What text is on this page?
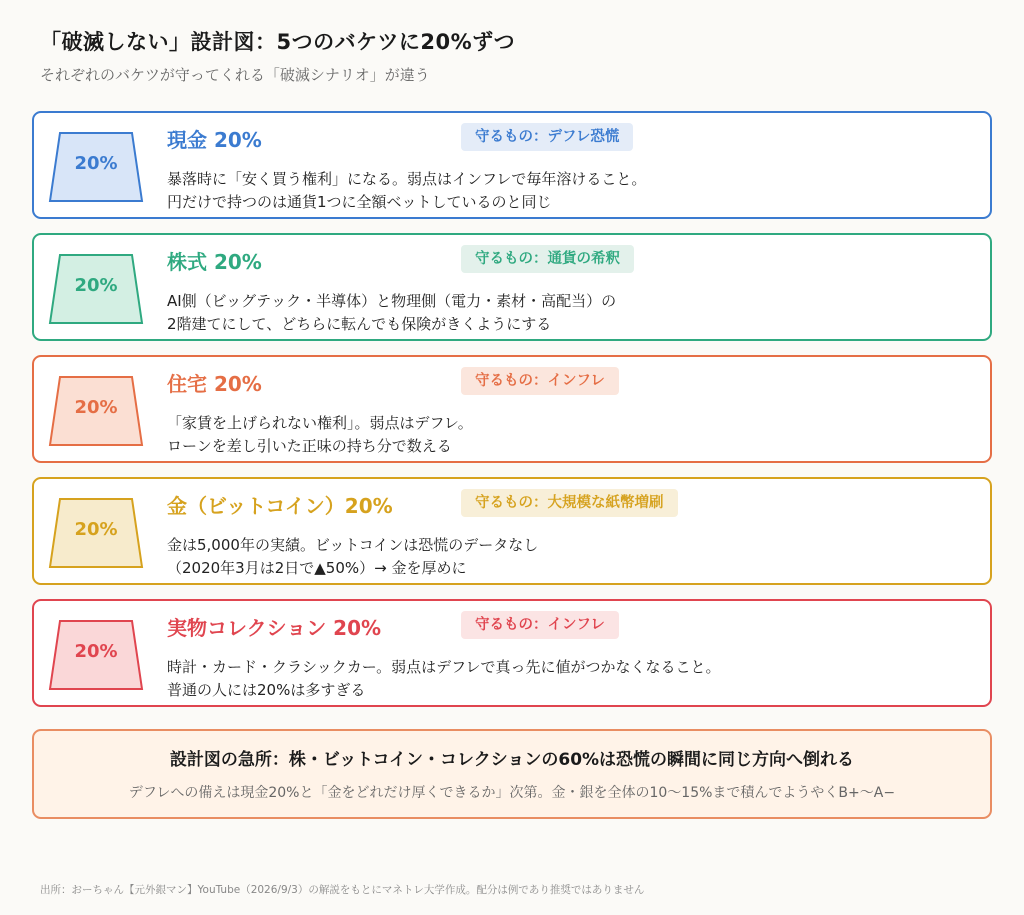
「破滅しない」設計図：5つのバケツに20%ずつ
それぞれのバケツが守ってくれる「破滅シナリオ」が違う
20%
現金 20%	守るもの：デフレ恐慌
暴落時に「安く買う権利」になる。弱点はインフレで毎年溶けること。
円だけで持つのは通貨1つに全額ベットしているのと同じ
20%
株式 20%	守るもの：通貨の希釈
AI側（ビッグテック・半導体）と物理側（電力・素材・高配当）の
2階建てにして、どちらに転んでも保険がきくようにする
20%
住宅 20%	守るもの：インフレ
「家賃を上げられない権利」。弱点はデフレ。
ローンを差し引いた正味の持ち分で数える
20%
金（ビットコイン）20%	守るもの：大規模な紙幣増刷
金は5,000年の実績。ビットコインは恐慌のデータなし
（2020年3月は2日で▲50%）→ 金を厚めに
20%
実物コレクション 20%	守るもの：インフレ
時計・カード・クラシックカー。弱点はデフレで真っ先に値がつかなくなること。
普通の人には20%は多すぎる
設計図の急所：株・ビットコイン・コレクションの60%は恐慌の瞬間に同じ方向へ倒れる
デフレへの備えは現金20%と「金をどれだけ厚くできるか」次第。金・銀を全体の10〜15%まで積んでようやくB+〜A−
出所：おーちゃん【元外銀マン】YouTube（2026/9/3）の解説をもとにマネトレ大学作成。配分は例であり推奨ではありません
